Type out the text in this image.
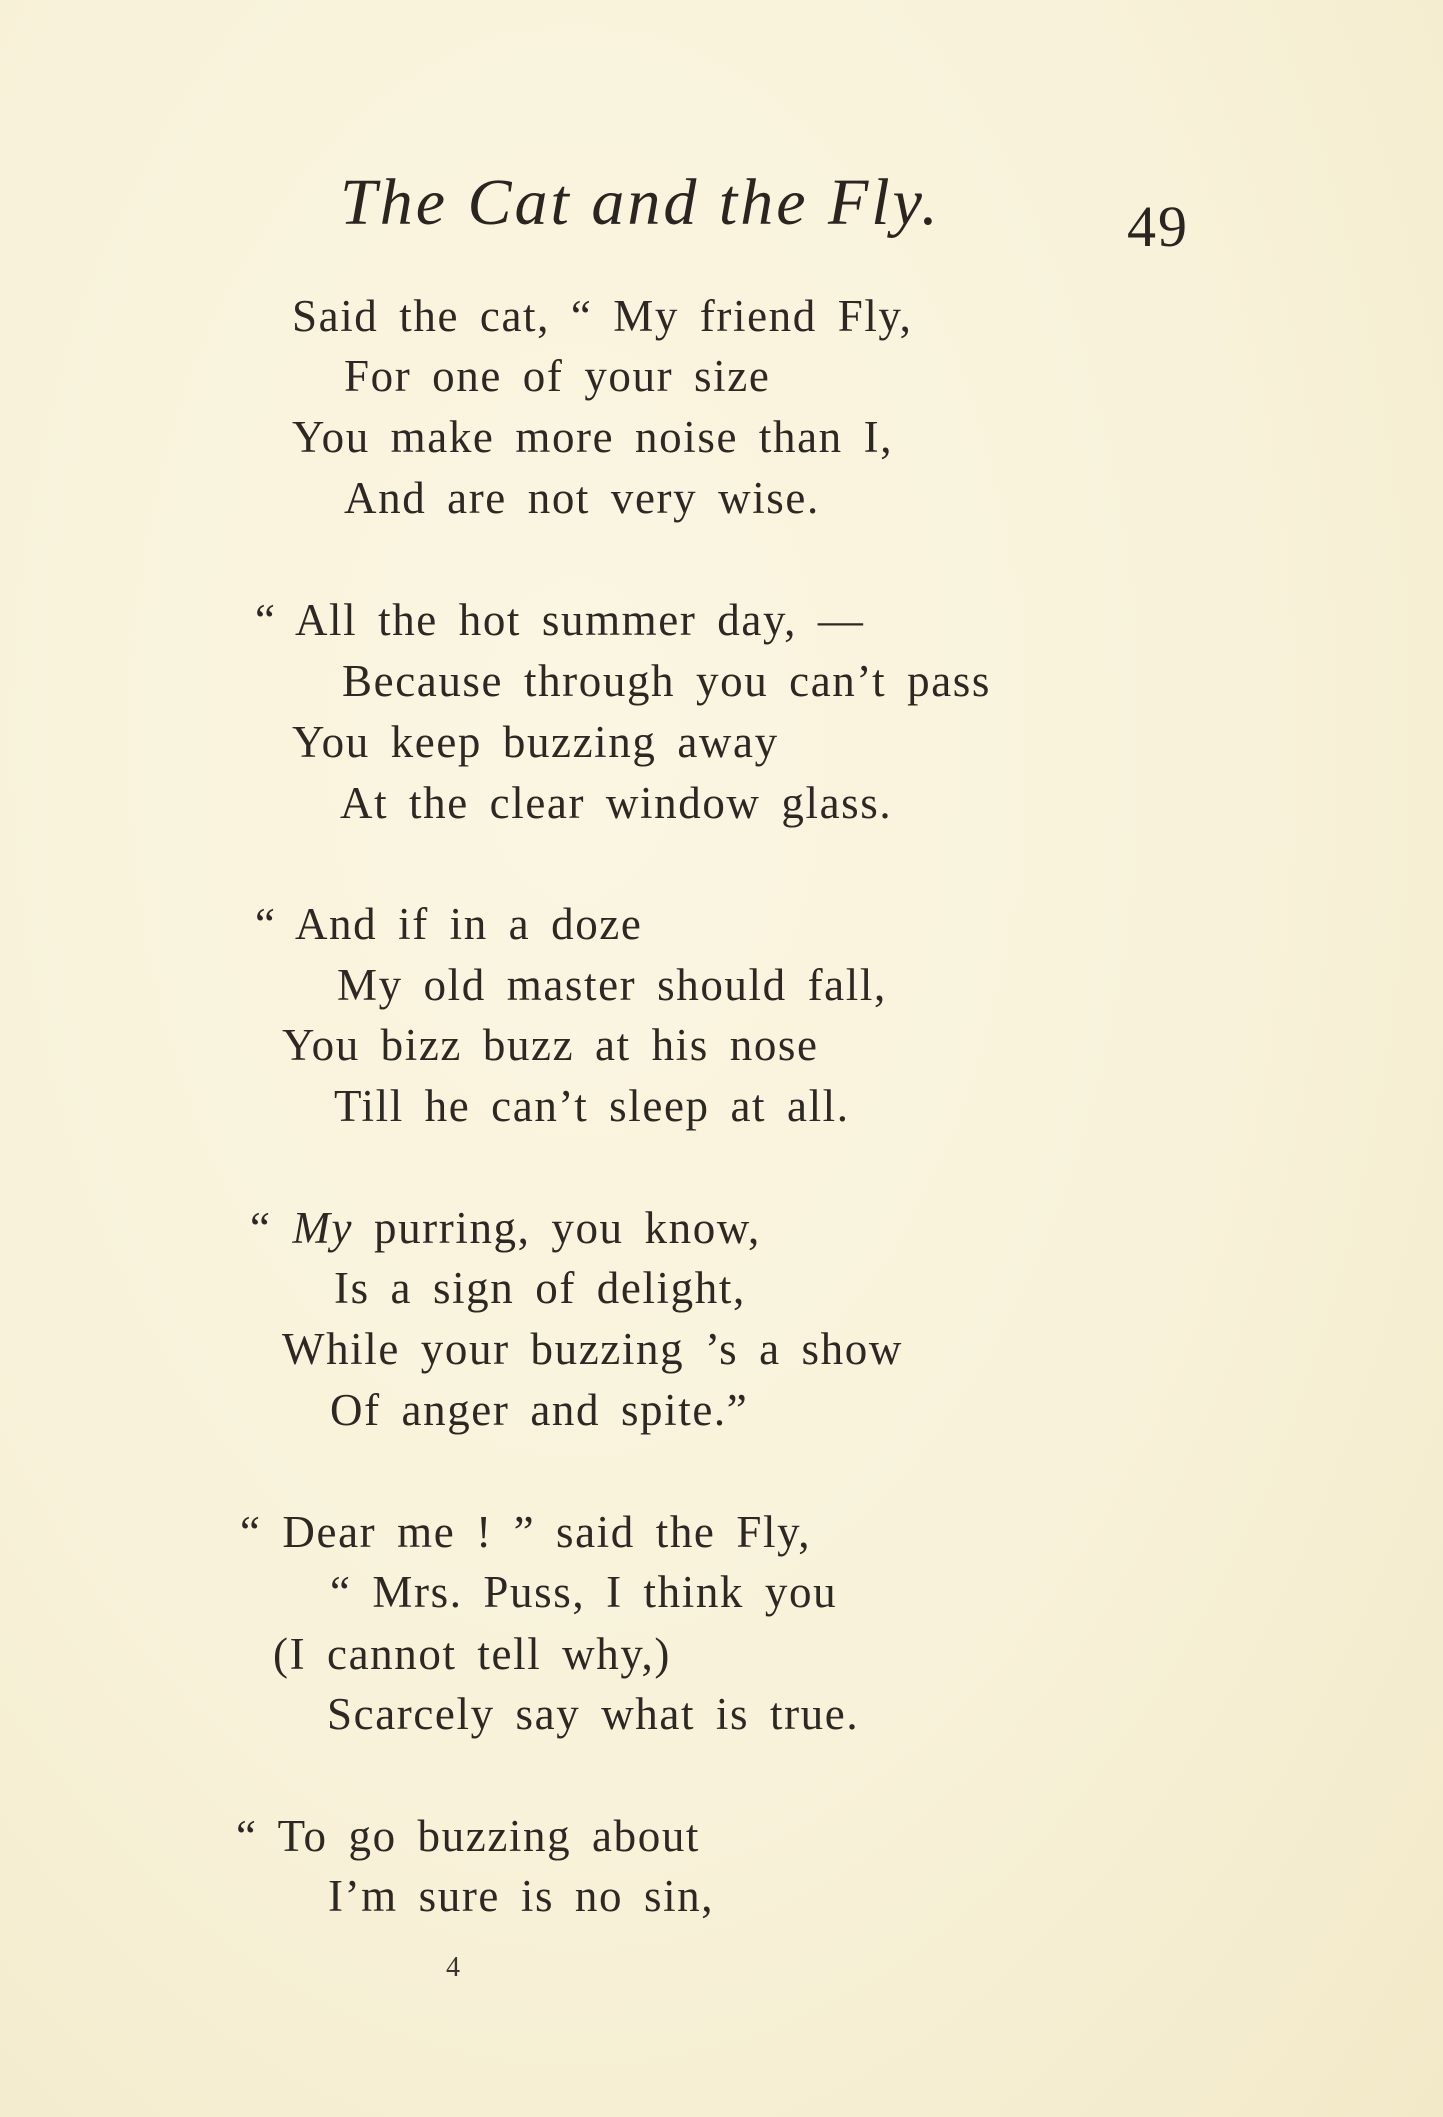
The Cat and the Fly.	49
Said the cat, “ My friend Fly,
For one of your size
You make more noise than I,
And are not very wise.
“ All the hot summer day, —
Because through you can’t pass
You keep buzzing away
At the clear window glass.
“ And if in a doze
My old master should fall,
You bizz buzz at his nose
Till he can’t sleep at all.
“ My purring, you know,
Is a sign of delight,
While your buzzing ’s a show
Of anger and spite.”
“ Dear me ! ” said the Fly,
“ Mrs. Puss, I think you
(I cannot tell why,)
Scarcely say what is true.
“ To go buzzing about
I’m sure is no sin,
4
